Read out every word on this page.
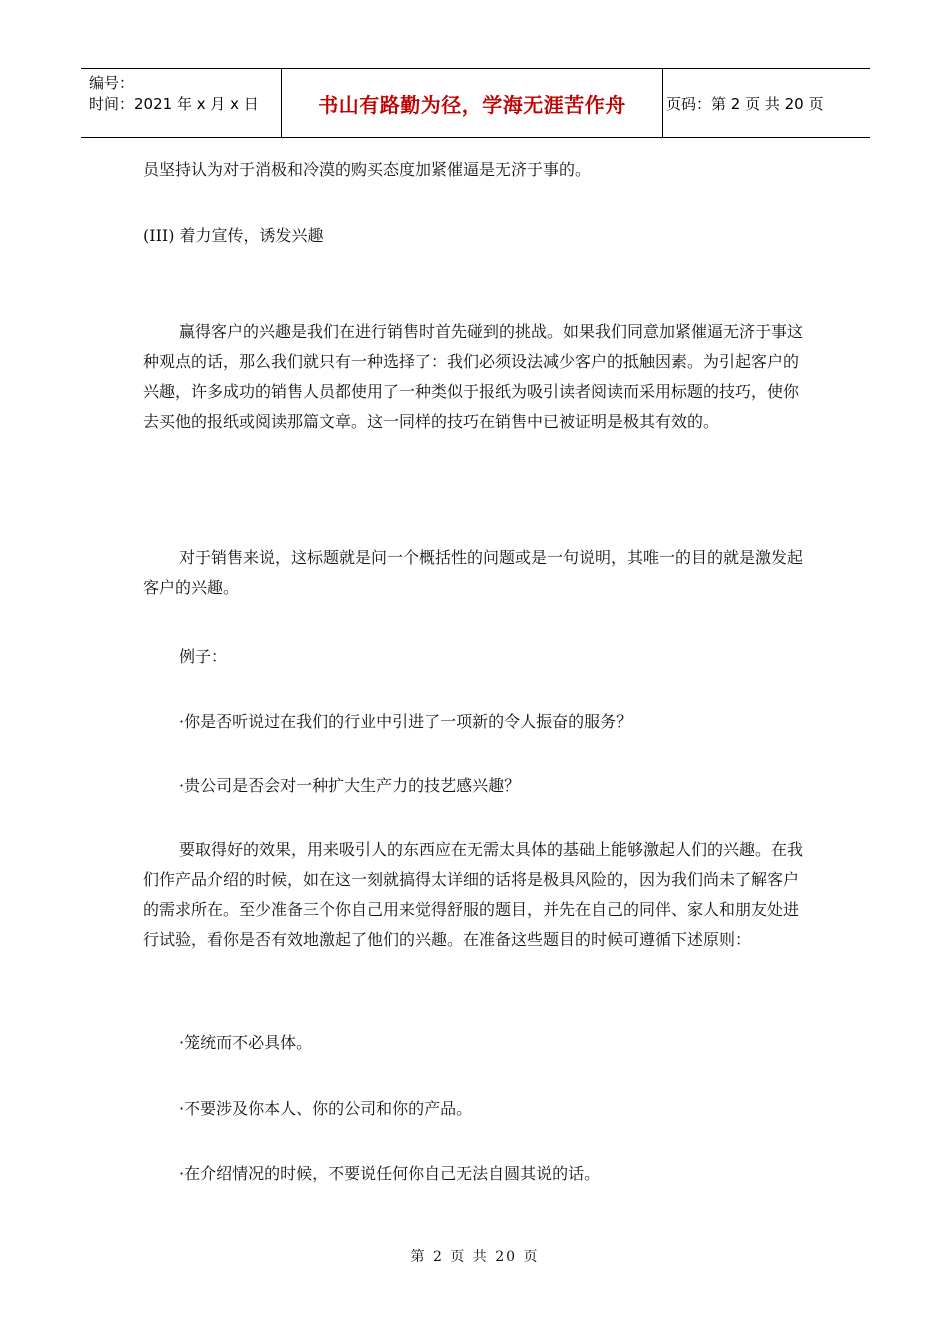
编号：
时间：2021 年 x 月 x 日	书山有路勤为径，学海无涯苦作舟	页码：第 2 页 共 20 页

员坚持认为对于消极和冷漠的购买态度加紧催逼是无济于事的。

(III) 着力宣传，诱发兴趣

赢得客户的兴趣是我们在进行销售时首先碰到的挑战。如果我们同意加紧催逼无济于事这种观点的话，那么我们就只有一种选择了：我们必须设法减少客户的抵触因素。为引起客户的兴趣，许多成功的销售人员都使用了一种类似于报纸为吸引读者阅读而采用标题的技巧，使你去买他的报纸或阅读那篇文章。这一同样的技巧在销售中已被证明是极其有效的。

对于销售来说，这标题就是问一个概括性的问题或是一句说明，其唯一的目的就是激发起客户的兴趣。

例子：

·你是否听说过在我们的行业中引进了一项新的令人振奋的服务？

·贵公司是否会对一种扩大生产力的技艺感兴趣？

要取得好的效果，用来吸引人的东西应在无需太具体的基础上能够激起人们的兴趣。在我们作产品介绍的时候，如在这一刻就搞得太详细的话将是极具风险的，因为我们尚未了解客户的需求所在。至少准备三个你自己用来觉得舒服的题目，并先在自己的同伴、家人和朋友处进行试验，看你是否有效地激起了他们的兴趣。在准备这些题目的时候可遵循下述原则：

·笼统而不必具体。

·不要涉及你本人、你的公司和你的产品。

·在介绍情况的时候，不要说任何你自己无法自圆其说的话。

第 2 页 共 20 页
